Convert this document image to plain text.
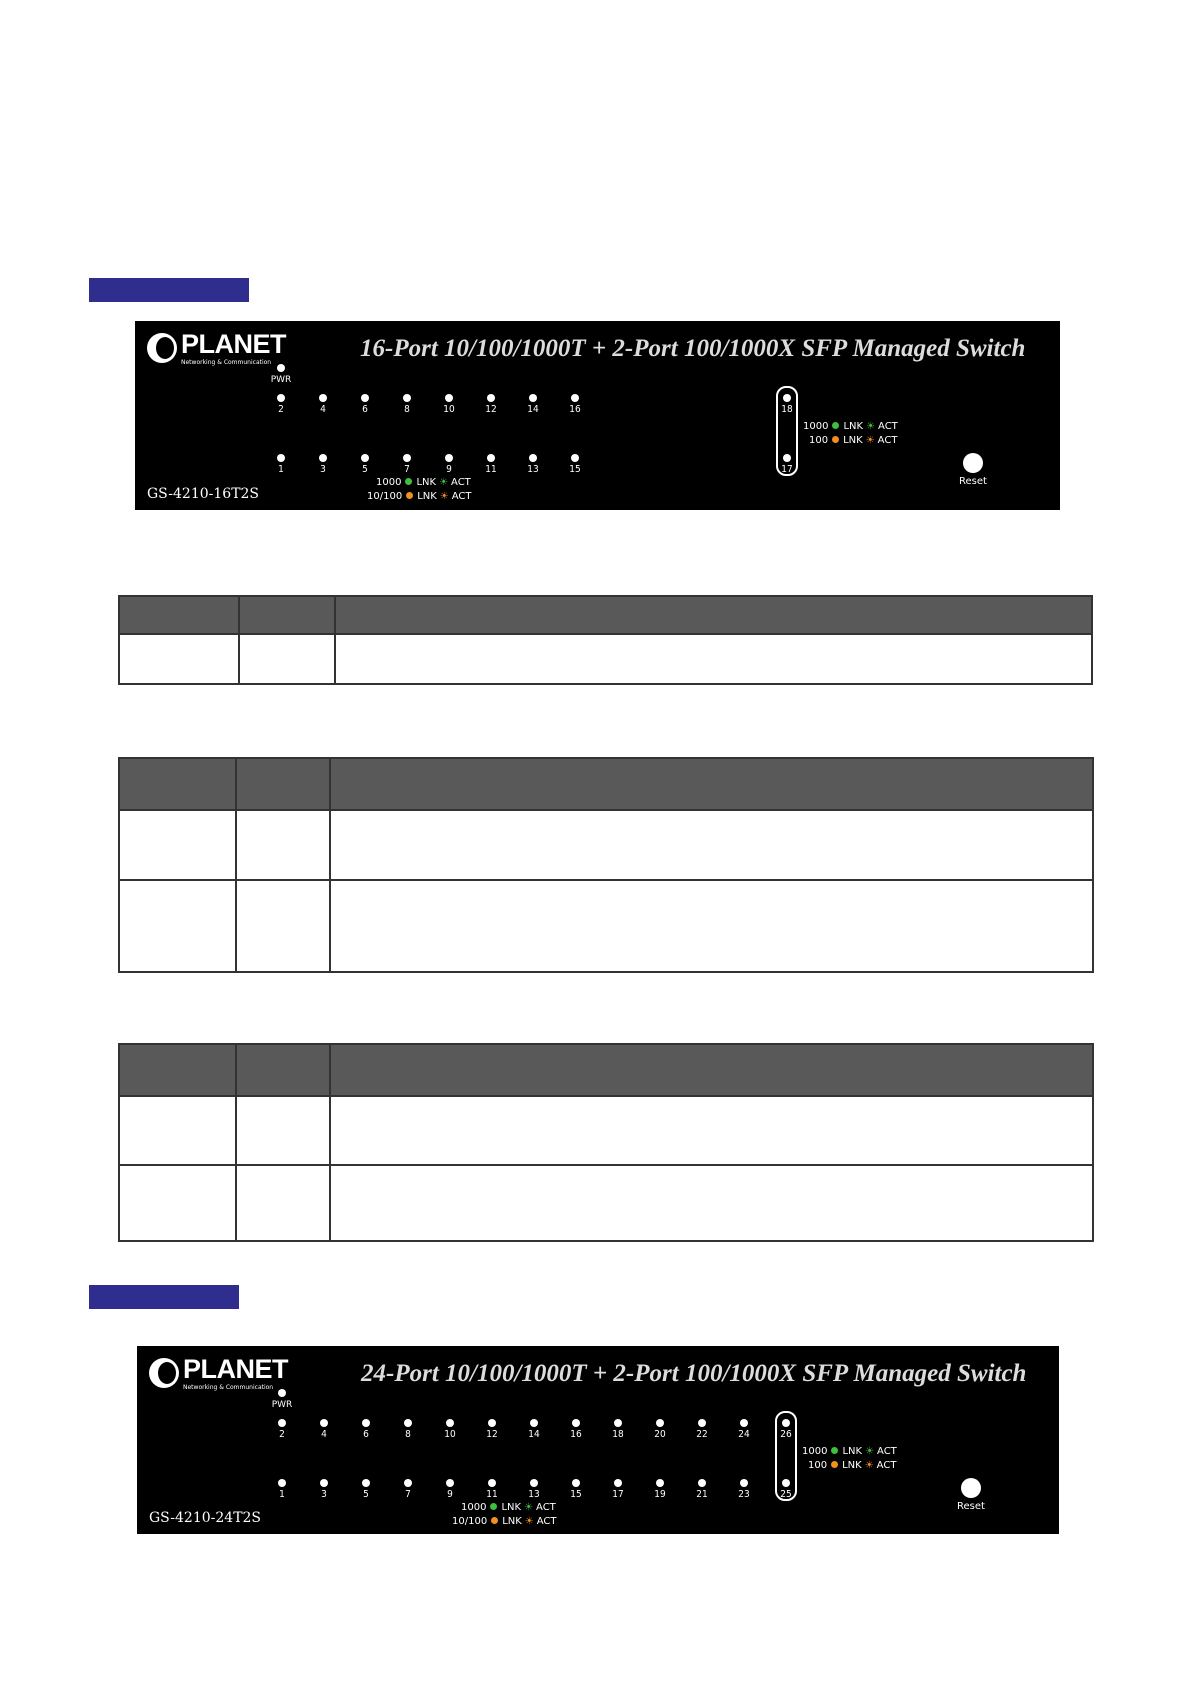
PLANET
Networking & Communication
16-Port 10/100/1000T + 2-Port 100/1000X SFP Managed Switch
PWR
2	4	6	8	10	12	14	16
1	3	5	7	9	11	13	15
18
17
1000 LNK ☀ ACT
100 LNK ☀ ACT
1000 LNK ☀ ACT
10/100 LNK ☀ ACT
Reset
GS-4210-16T2S

PLANET
Networking & Communication
24-Port 10/100/1000T + 2-Port 100/1000X SFP Managed Switch
PWR
2	4	6	8	10	12	14	16	18	20	22	24
1	3	5	7	9	11	13	15	17	19	21	23
26
25
1000 LNK ☀ ACT
100 LNK ☀ ACT
1000 LNK ☀ ACT
10/100 LNK ☀ ACT
Reset
GS-4210-24T2S
